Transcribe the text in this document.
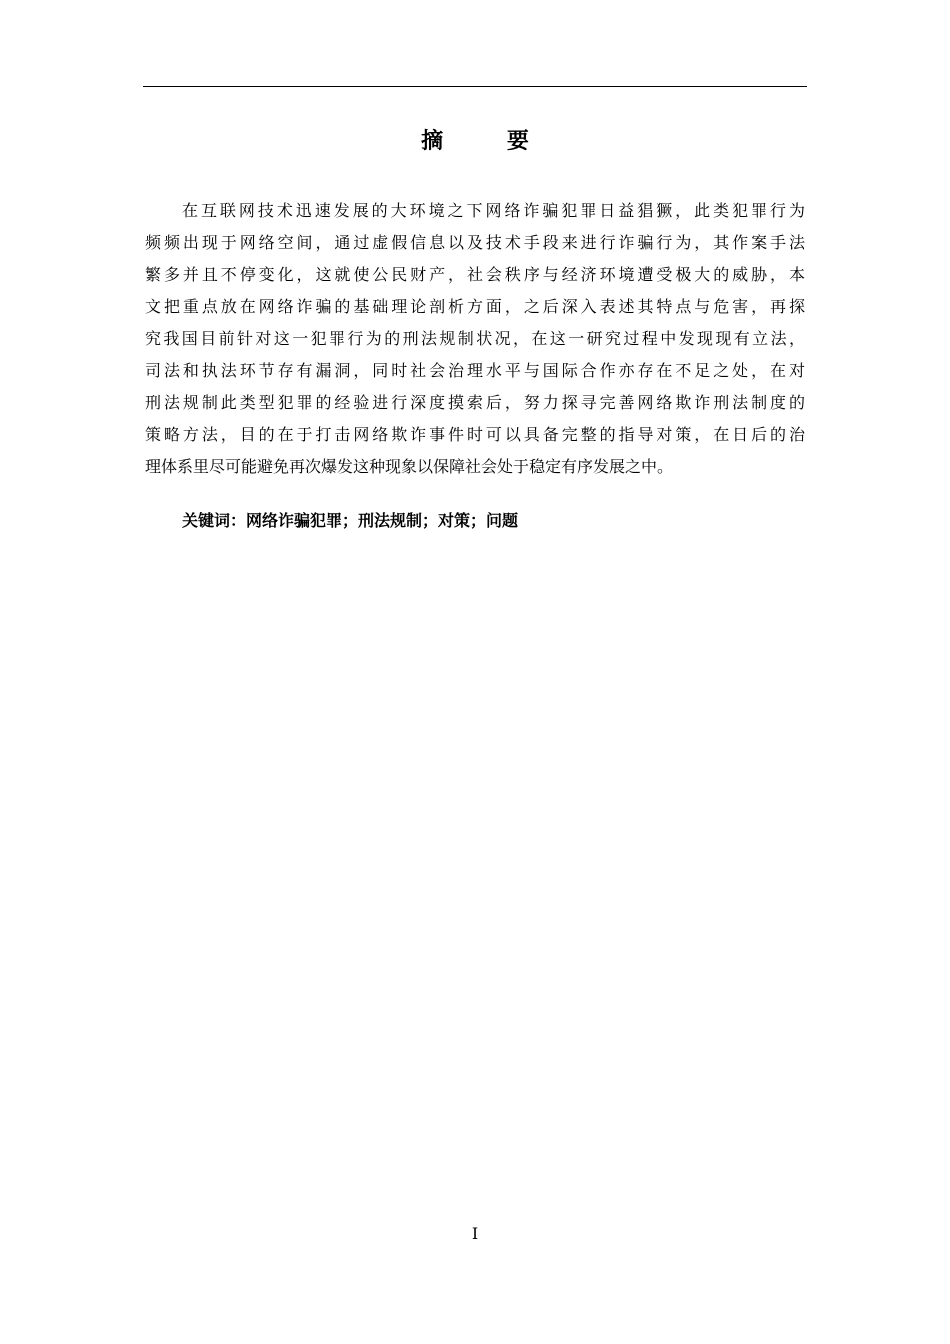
摘 要
在互联网技术迅速发展的大环境之下网络诈骗犯罪日益猖獗，此类犯罪行为
频频出现于网络空间，通过虚假信息以及技术手段来进行诈骗行为，其作案手法
繁多并且不停变化，这就使公民财产，社会秩序与经济环境遭受极大的威胁，本
文把重点放在网络诈骗的基础理论剖析方面，之后深入表述其特点与危害，再探
究我国目前针对这一犯罪行为的刑法规制状况，在这一研究过程中发现现有立法，
司法和执法环节存有漏洞，同时社会治理水平与国际合作亦存在不足之处，在对
刑法规制此类型犯罪的经验进行深度摸索后，努力探寻完善网络欺诈刑法制度的
策略方法，目的在于打击网络欺诈事件时可以具备完整的指导对策，在日后的治
理体系里尽可能避免再次爆发这种现象以保障社会处于稳定有序发展之中。
关键词：网络诈骗犯罪；刑法规制；对策；问题
I
